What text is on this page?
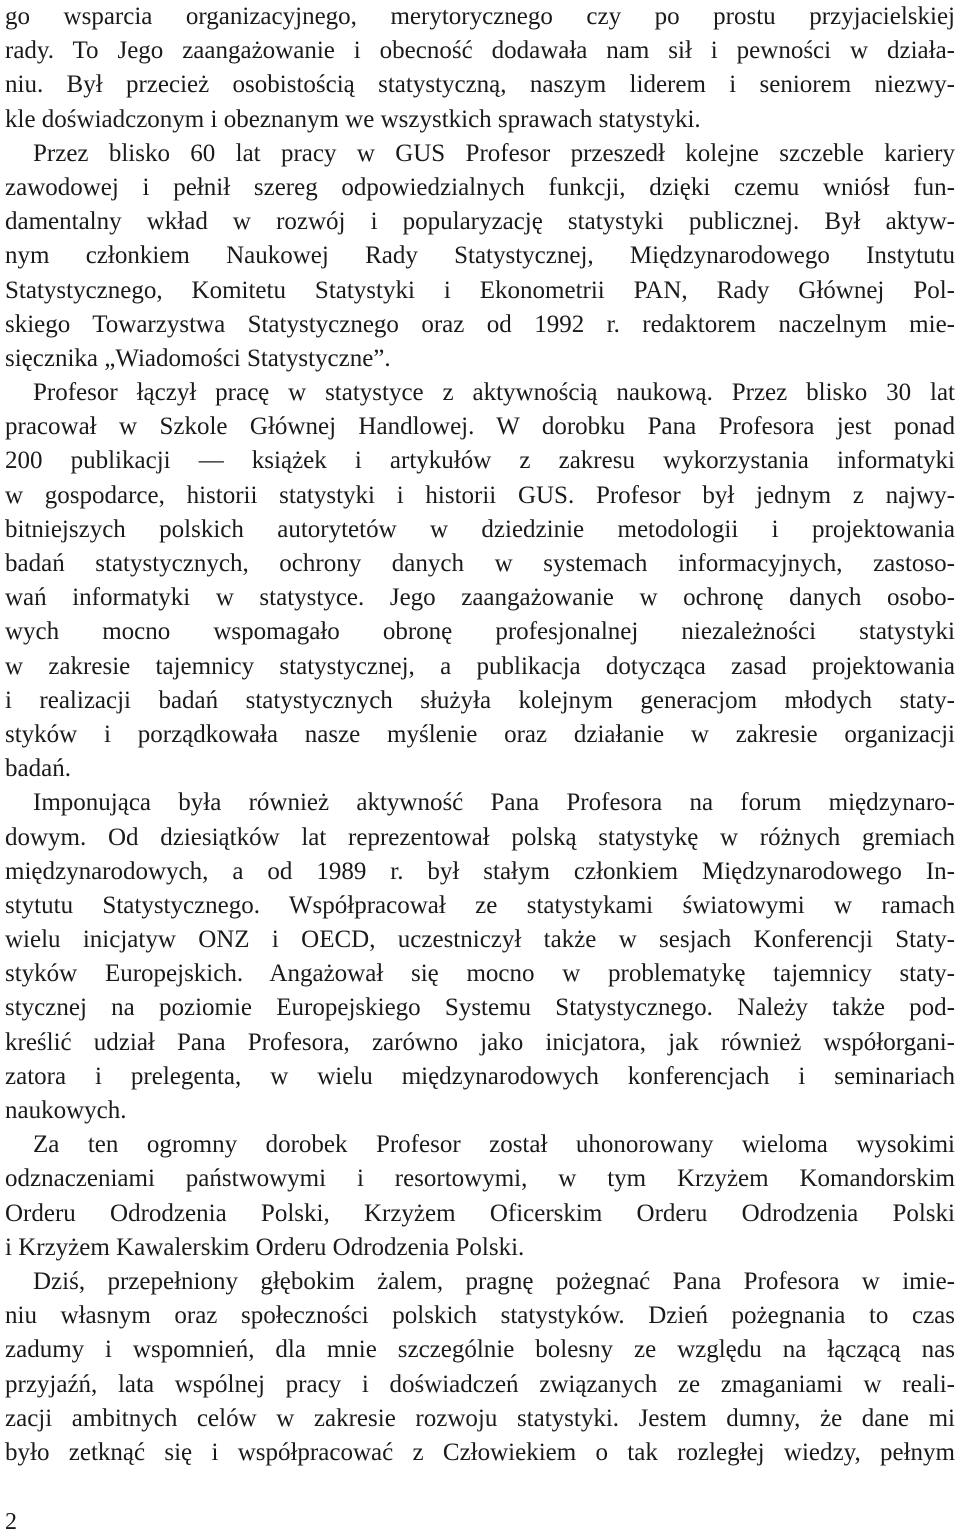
go wsparcia organizacyjnego, merytorycznego czy po prostu przyjacielskiej
rady. To Jego zaangażowanie i obecność dodawała nam sił i pewności w działa-
niu. Był przecież osobistością statystyczną, naszym liderem i seniorem niezwy-
kle doświadczonym i obeznanym we wszystkich sprawach statystyki.
Przez blisko 60 lat pracy w GUS Profesor przeszedł kolejne szczeble kariery
zawodowej i pełnił szereg odpowiedzialnych funkcji, dzięki czemu wniósł fun-
damentalny wkład w rozwój i popularyzację statystyki publicznej. Był aktyw-
nym członkiem Naukowej Rady Statystycznej, Międzynarodowego Instytutu
Statystycznego, Komitetu Statystyki i Ekonometrii PAN, Rady Głównej Pol-
skiego Towarzystwa Statystycznego oraz od 1992 r. redaktorem naczelnym mie-
sięcznika „Wiadomości Statystyczne”.
Profesor łączył pracę w statystyce z aktywnością naukową. Przez blisko 30 lat
pracował w Szkole Głównej Handlowej. W dorobku Pana Profesora jest ponad
200 publikacji — książek i artykułów z zakresu wykorzystania informatyki
w gospodarce, historii statystyki i historii GUS. Profesor był jednym z najwy-
bitniejszych polskich autorytetów w dziedzinie metodologii i projektowania
badań statystycznych, ochrony danych w systemach informacyjnych, zastoso-
wań informatyki w statystyce. Jego zaangażowanie w ochronę danych osobo-
wych mocno wspomagało obronę profesjonalnej niezależności statystyki
w zakresie tajemnicy statystycznej, a publikacja dotycząca zasad projektowania
i realizacji badań statystycznych służyła kolejnym generacjom młodych staty-
styków i porządkowała nasze myślenie oraz działanie w zakresie organizacji
badań.
Imponująca była również aktywność Pana Profesora na forum międzynaro-
dowym. Od dziesiątków lat reprezentował polską statystykę w różnych gremiach
międzynarodowych, a od 1989 r. był stałym członkiem Międzynarodowego In-
stytutu Statystycznego. Współpracował ze statystykami światowymi w ramach
wielu inicjatyw ONZ i OECD, uczestniczył także w sesjach Konferencji Staty-
styków Europejskich. Angażował się mocno w problematykę tajemnicy staty-
stycznej na poziomie Europejskiego Systemu Statystycznego. Należy także pod-
kreślić udział Pana Profesora, zarówno jako inicjatora, jak również współorgani-
zatora i prelegenta, w wielu międzynarodowych konferencjach i seminariach
naukowych.
Za ten ogromny dorobek Profesor został uhonorowany wieloma wysokimi
odznaczeniami państwowymi i resortowymi, w tym Krzyżem Komandorskim
Orderu Odrodzenia Polski, Krzyżem Oficerskim Orderu Odrodzenia Polski
i Krzyżem Kawalerskim Orderu Odrodzenia Polski.
Dziś, przepełniony głębokim żalem, pragnę pożegnać Pana Profesora w imie-
niu własnym oraz społeczności polskich statystyków. Dzień pożegnania to czas
zadumy i wspomnień, dla mnie szczególnie bolesny ze względu na łączącą nas
przyjaźń, lata wspólnej pracy i doświadczeń związanych ze zmaganiami w reali-
zacji ambitnych celów w zakresie rozwoju statystyki. Jestem dumny, że dane mi
było zetknąć się i współpracować z Człowiekiem o tak rozległej wiedzy, pełnym
2
